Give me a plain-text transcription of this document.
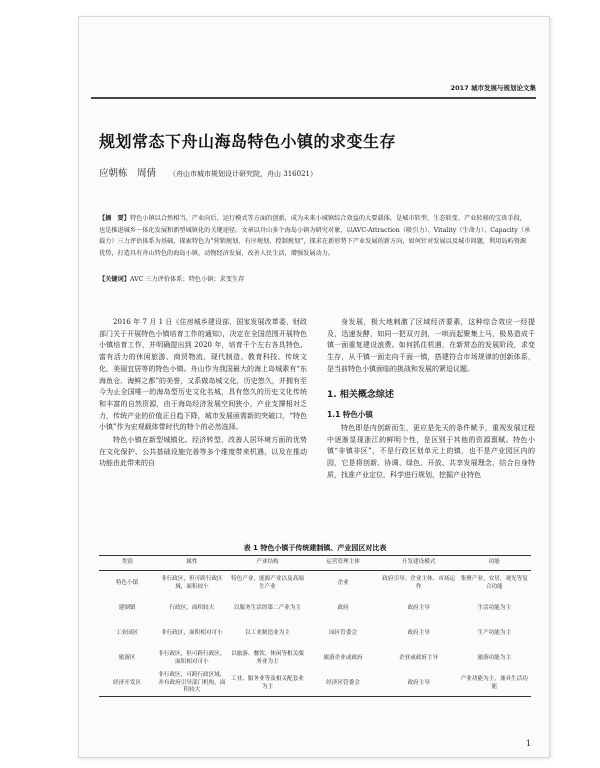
2017 城市发展与规划论文集
规划常态下舟山海岛特色小镇的求变生存
应朝栋　周倩 （舟山市城市规划设计研究院，舟山 316021）
【摘　要】特色小镇以合然相当、产业向后、运行模式等方面的创新，成为未来小城镇综合效益的大要载体，是城市转型、生态转变、产业转移的宝贵手段，也是推进城乡一体化发展和新型城镇化的关键途径。文章以舟山多个海岛小镇为研究对象，以AVC-Attraction（吸引力）、Vitality（生命力）、Capacity（承载力）三力评估体系为基础，探索特色为“营销规划、有序规划、控制规划”，探求在新形势下产业发展的新方向，如何针对发展以及城市问题，利用岛屿资源优势，打造具有舟山特色的海岛小镇，动物经济发展，改善人民生活，增强发展动力。
【关键词】AVC 三力评价体系；特色小镇；求变生存

2016 年 7 月 1 日《住房城乡建设部、国家发展改革委、财政部门关于开展特色小镇培育工作的通知》，决定在全国范围开展特色小镇培育工作，并明确提出到 2020 年，培育千个左右各具特色、富有活力的休闲旅游、商贸物流、现代制造、教育科技、传统文化、美丽宜居等的特色小镇。舟山作为我国最大的海上岛城素有“东海鱼仓、海鲜之都”的美誉，又系做岛城文化，历史悠久，并拥有至今为止全国唯一的海岛型历史文化名城，具有悠久的历史文化传统和丰富的自然资源，由于海岛经济发展空间狭小，产业支撑相对乏力，传统产业的价值正日趋下降，城市发展亟需新的突破口，“特色小镇”作为宏观载体带时代的特个的必然选择。

特色小镇在新型城镇化、经济转型、改善人居环境方面的优势在文化保护、公共基础设施完善等多个维度带来机遇，以及在推动功能由此带来的自

身发展，极大地刺激了区域经济要素，这种综合效应一经提及，迅速发酵，如同一把双刃剑，一哄而起聚集上马，极易造成千镇一面重复建设浪费。如何抓住机遇，在新常态的发展阶段，求变生存，从千镇一面走向千面一镇，搭建符合市场规律的创新体系，是当前特色小镇面临的挑战和发展的紧迫议题。

1. 相关概念综述
1.1 特色小镇

特色即是内创新而生，更应是先天的条件赋予，重视发展过程中逐渐显现浙江的鲜明个性，是区别于其他的资源禀赋。特色小镇“非镇非区”，不是行政区划单元上的镇，也不是产业园区内的园，它是将创新、协调、绿色、开放、共享发展理念，结合自身特质，找准产业定位，科学进行规划，挖掘产业特色

表 1 特色小镇于传统建制镇、产业园区对比表
类别	属性	产业结构	运营管理主体	开发建设模式	功能
特色小镇	非行政区，但可跨行政区域，面积较小	特色产业，能源产业以及高端生产业	企业	政府引导、企业主体、市场运作	集聚产业，安居，观光等复合功能
建制镇	行政区，面积较大	以服务生活的第二产业为主	政府	政府主导	生活功能为主
工业园区	非行政区，面积相对可小	以工业制造业为主	园区管委会	政府主导	生产功能为主
旅游区	非行政区，但可跨行政区，面积相对可小	以旅游、餐饮、休闲等相关服务业为主	旅游企业或政府	企业或政府主导	旅游功能为主
经济开发区	非行政区，可跨行政区域，并有政府引导部门机构，面积较大	工业、服务业等及相关配套业为主	经济区管委会	政府主导	产业功能为主，兼具生活功能
1
